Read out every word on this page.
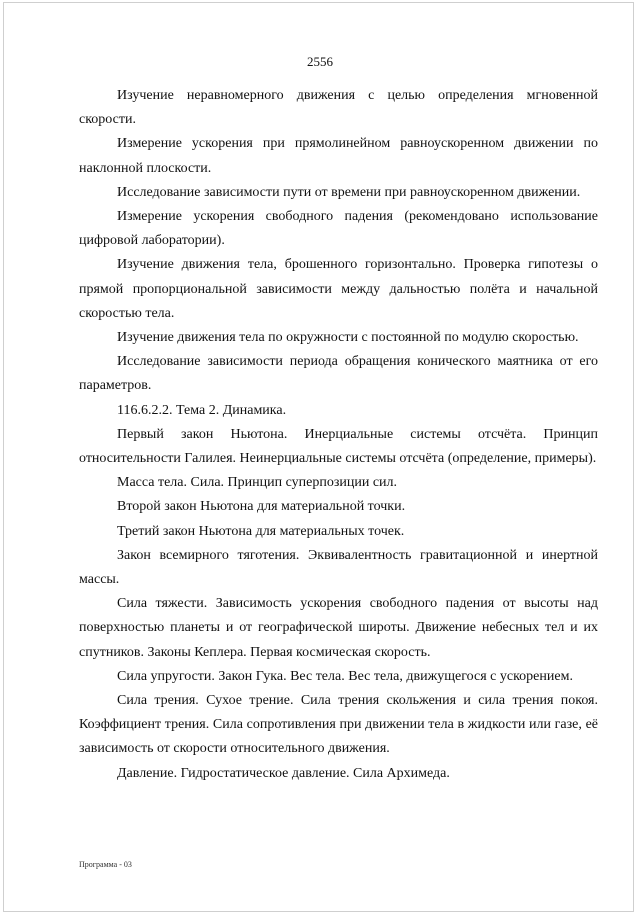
2556

Изучение неравномерного движения с целью определения мгновенной скорости.

Измерение ускорения при прямолинейном равноускоренном движении по наклонной плоскости.

Исследование зависимости пути от времени при равноускоренном движении.

Измерение ускорения свободного падения (рекомендовано использование цифровой лаборатории).

Изучение движения тела, брошенного горизонтально. Проверка гипотезы о прямой пропорциональной зависимости между дальностью полёта и начальной скоростью тела.

Изучение движения тела по окружности с постоянной по модулю скоростью.

Исследование зависимости периода обращения конического маятника от его параметров.

116.6.2.2. Тема 2. Динамика.

Первый закон Ньютона. Инерциальные системы отсчёта. Принцип относительности Галилея. Неинерциальные системы отсчёта (определение, примеры).

Масса тела. Сила. Принцип суперпозиции сил.

Второй закон Ньютона для материальной точки.

Третий закон Ньютона для материальных точек.

Закон всемирного тяготения. Эквивалентность гравитационной и инертной массы.

Сила тяжести. Зависимость ускорения свободного падения от высоты над поверхностью планеты и от географической широты. Движение небесных тел и их спутников. Законы Кеплера. Первая космическая скорость.

Сила упругости. Закон Гука. Вес тела. Вес тела, движущегося с ускорением.

Сила трения. Сухое трение. Сила трения скольжения и сила трения покоя. Коэффициент трения. Сила сопротивления при движении тела в жидкости или газе, её зависимость от скорости относительного движения.

Давление. Гидростатическое давление. Сила Архимеда.

Программа - 03
